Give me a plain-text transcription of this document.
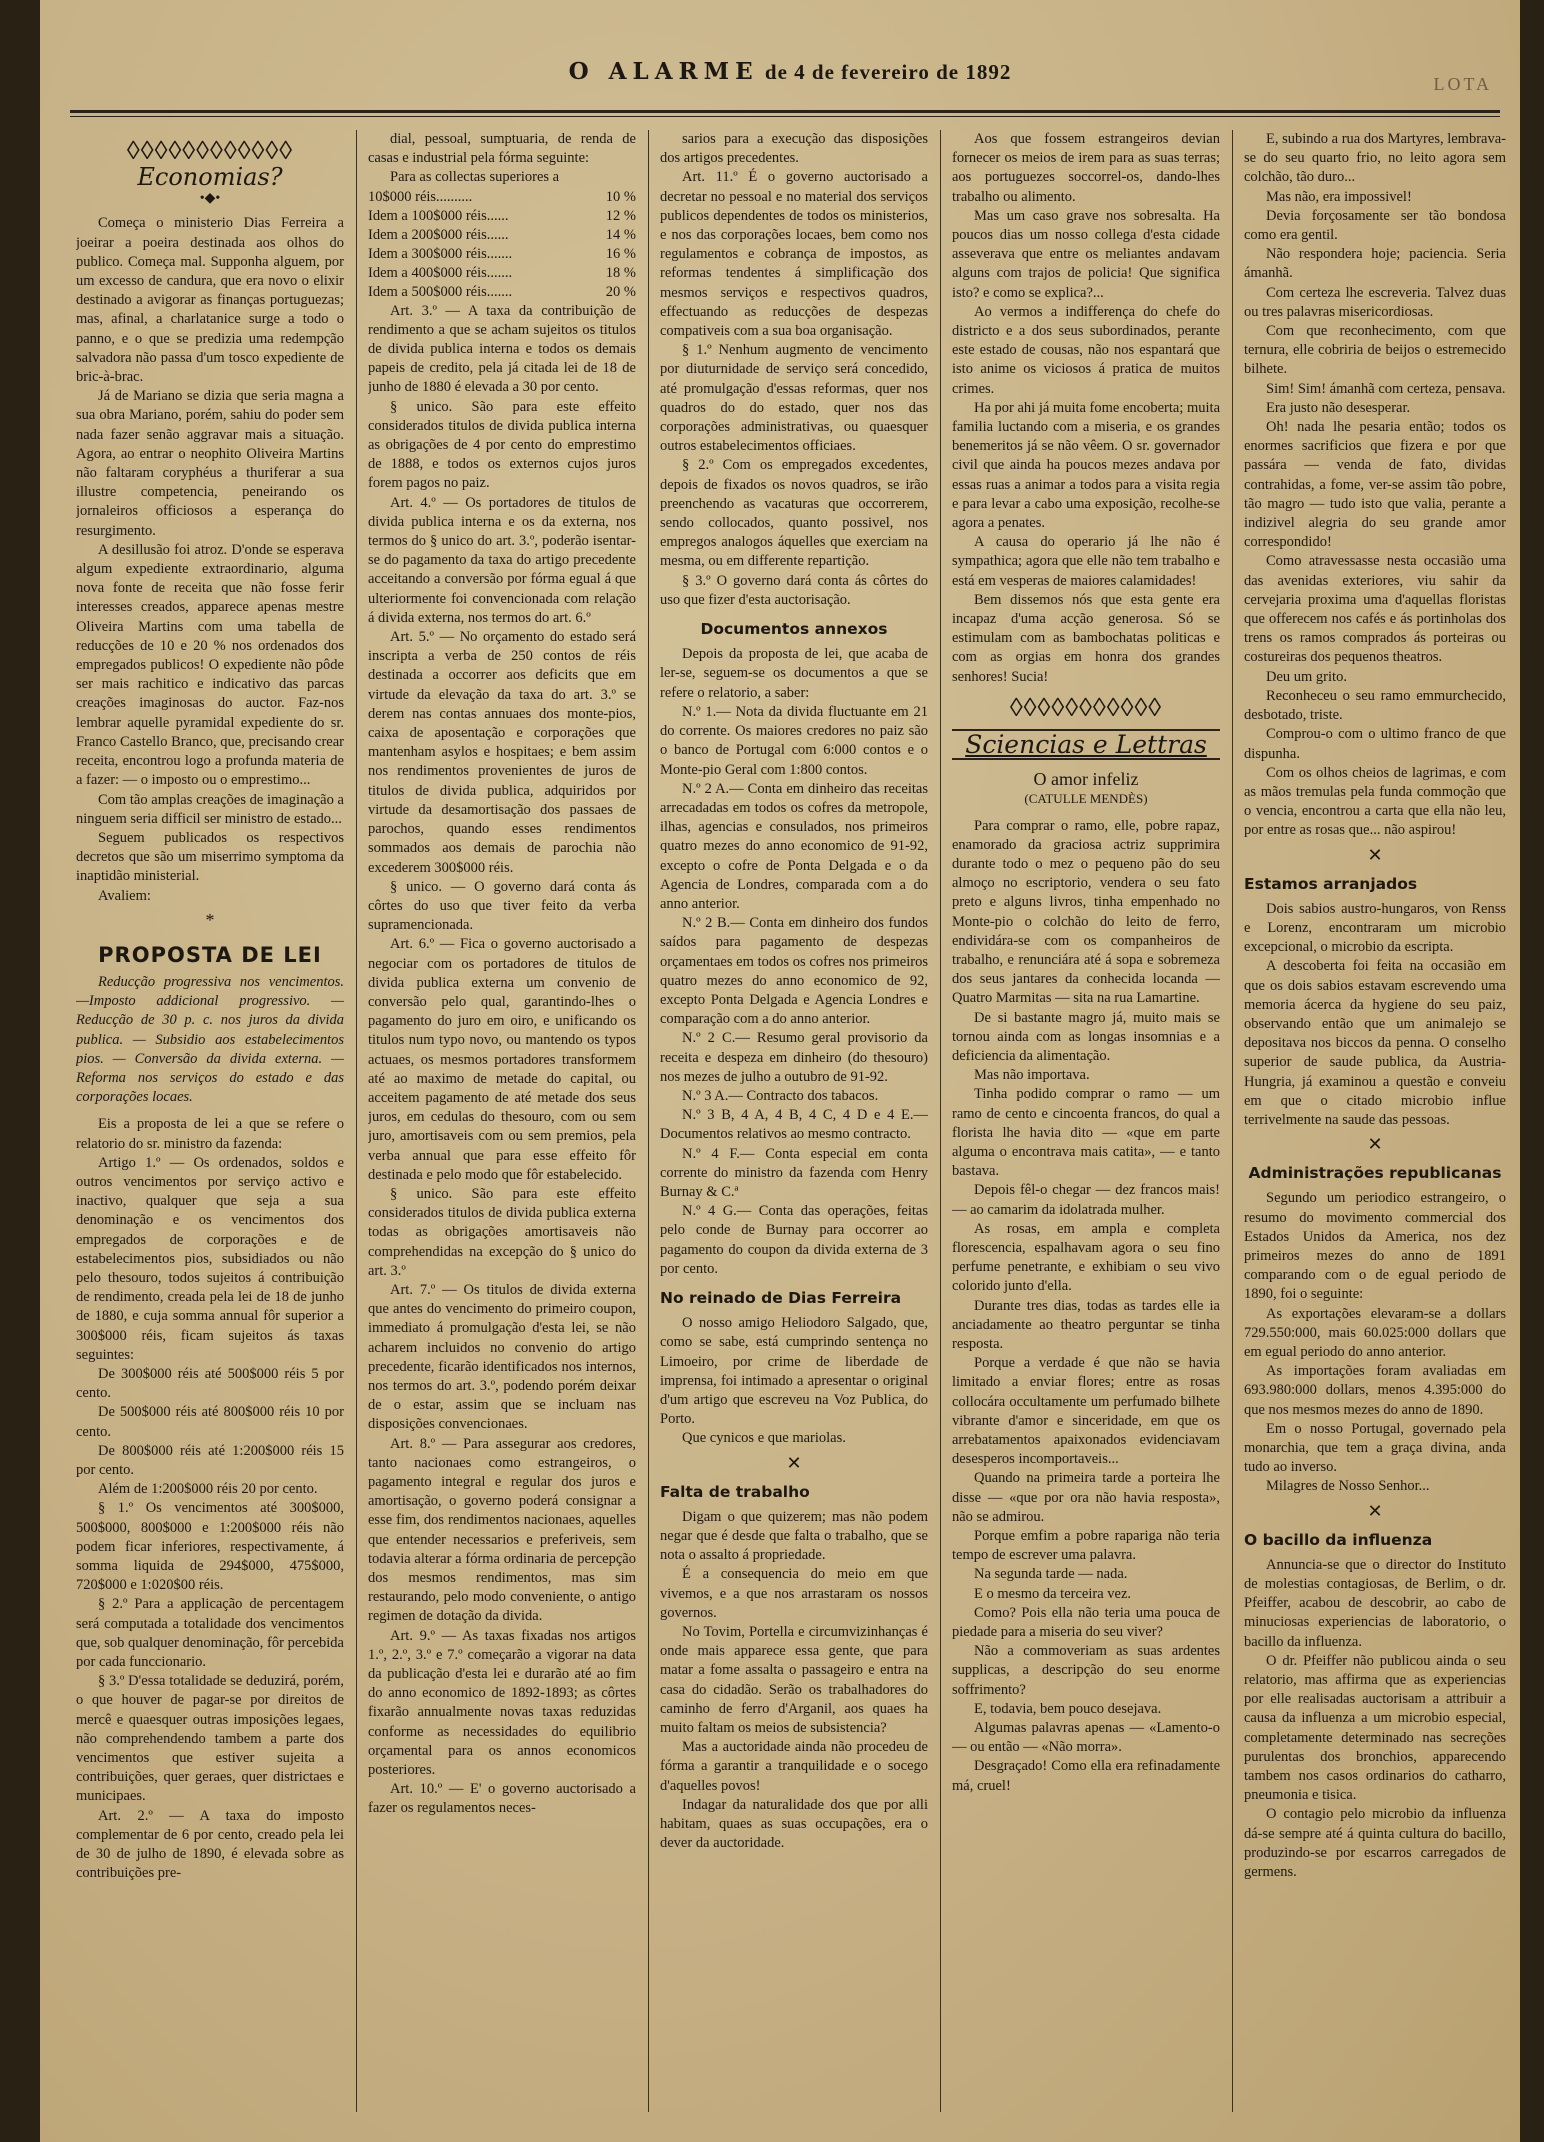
O ALARME de 4 de fevereiro de 1892	LOTA
◊◊◊◊◊◊◊◊◊◊◊◊
Economias?
•◆•

Começa o ministerio Dias Ferreira a joeirar a poeira destinada aos olhos do publico. Começa mal. Supponha alguem, por um excesso de candura, que era novo o elixir destinado a avigorar as finanças portuguezas; mas, afinal, a charlatanice surge a todo o panno, e o que se predizia uma redempção salvadora não passa d'um tosco expediente de bric-à-brac.

Já de Mariano se dizia que seria magna a sua obra Mariano, porém, sahiu do poder sem nada fazer senão aggravar mais a situação. Agora, ao entrar o neophito Oliveira Martins não faltaram coryphéus a thuriferar a sua illustre competencia, peneirando os jornaleiros officiosos a esperança do resurgimento.

A desillusão foi atroz. D'onde se esperava algum expediente extraordinario, alguma nova fonte de receita que não fosse ferir interesses creados, apparece apenas mestre Oliveira Martins com uma tabella de reducções de 10 e 20 % nos ordenados dos empregados publicos! O expediente não pôde ser mais rachitico e indicativo das parcas creações imaginosas do auctor. Faz-nos lembrar aquelle pyramidal expediente do sr. Franco Castello Branco, que, precisando crear receita, encontrou logo a profunda materia de a fazer: — o imposto ou o emprestimo...

Com tão amplas creações de imaginação a ninguem seria difficil ser ministro de estado...

Seguem publicados os respectivos decretos que são um miserrimo symptoma da inaptidão ministerial.

Avaliem:

*
PROPOSTA DE LEI

Reducção progressiva nos vencimentos. —Imposto addicional progressivo. — Reducção de 30 p. c. nos juros da divida publica. — Subsidio aos estabelecimentos pios. — Conversão da divida externa. — Reforma nos serviços do estado e das corporações locaes.

Eis a proposta de lei a que se refere o relatorio do sr. ministro da fazenda:

Artigo 1.º — Os ordenados, soldos e outros vencimentos por serviço activo e inactivo, qualquer que seja a sua denominação e os vencimentos dos empregados de corporações e de estabelecimentos pios, subsidiados ou não pelo thesouro, todos sujeitos á contribuição de rendimento, creada pela lei de 18 de junho de 1880, e cuja somma annual fôr superior a 300$000 réis, ficam sujeitos ás taxas seguintes:

De 300$000 réis até 500$000 réis 5 por cento.

De 500$000 réis até 800$000 réis 10 por cento.

De 800$000 réis até 1:200$000 réis 15 por cento.

Além de 1:200$000 réis 20 por cento.

§ 1.º Os vencimentos até 300$000, 500$000, 800$000 e 1:200$000 réis não podem ficar inferiores, respectivamente, á somma liquida de 294$000, 475$000, 720$000 e 1:020$00 réis.

§ 2.º Para a applicação de percentagem será computada a totalidade dos vencimentos que, sob qualquer denominação, fôr percebida por cada funccionario.

§ 3.º D'essa totalidade se deduzirá, porém, o que houver de pagar-se por direitos de mercê e quaesquer outras imposições legaes, não comprehendendo tambem a parte dos vencimentos que estiver sujeita a contribuições, quer geraes, quer districtaes e municipaes.

Art. 2.º — A taxa do imposto complementar de 6 por cento, creado pela lei de 30 de julho de 1890, é elevada sobre as contribuições pre-

dial, pessoal, sumptuaria, de renda de casas e industrial pela fórma seguinte:

Para as collectas superiores a

10$000 réis..........	10 %
Idem a 100$000 réis......	12 %
Idem a 200$000 réis......	14 %
Idem a 300$000 réis.......	16 %
Idem a 400$000 réis.......	18 %
Idem a 500$000 réis.......	20 %

Art. 3.º — A taxa da contribuição de rendimento a que se acham sujeitos os titulos de divida publica interna e todos os demais papeis de credito, pela já citada lei de 18 de junho de 1880 é elevada a 30 por cento.

§ unico. São para este effeito considerados titulos de divida publica interna as obrigações de 4 por cento do emprestimo de 1888, e todos os externos cujos juros forem pagos no paiz.

Art. 4.º — Os portadores de titulos de divida publica interna e os da externa, nos termos do § unico do art. 3.º, poderão isentar-se do pagamento da taxa do artigo precedente acceitando a conversão por fórma egual á que ulteriormente foi convencionada com relação á divida externa, nos termos do art. 6.º

Art. 5.º — No orçamento do estado será inscripta a verba de 250 contos de réis destinada a occorrer aos deficits que em virtude da elevação da taxa do art. 3.º se derem nas contas annuaes dos monte-pios, caixa de aposentação e corporações que mantenham asylos e hospitaes; e bem assim nos rendimentos provenientes de juros de titulos de divida publica, adquiridos por virtude da desamortisação dos passaes de parochos, quando esses rendimentos sommados aos demais de parochia não excederem 300$000 réis.

§ unico. — O governo dará conta ás côrtes do uso que tiver feito da verba supramencionada.

Art. 6.º — Fica o governo auctorisado a negociar com os portadores de titulos de divida publica externa um convenio de conversão pelo qual, garantindo-lhes o pagamento do juro em oiro, e unificando os titulos num typo novo, ou mantendo os typos actuaes, os mesmos portadores transformem até ao maximo de metade do capital, ou acceitem pagamento de até metade dos seus juros, em cedulas do thesouro, com ou sem juro, amortisaveis com ou sem premios, pela verba annual que para esse effeito fôr destinada e pelo modo que fôr estabelecido.

§ unico. São para este effeito considerados titulos de divida publica externa todas as obrigações amortisaveis não comprehendidas na excepção do § unico do art. 3.º

Art. 7.º — Os titulos de divida externa que antes do vencimento do primeiro coupon, immediato á promulgação d'esta lei, se não acharem incluidos no convenio do artigo precedente, ficarão identificados nos internos, nos termos do art. 3.º, podendo porém deixar de o estar, assim que se incluam nas disposições convencionaes.

Art. 8.º — Para assegurar aos credores, tanto nacionaes como estrangeiros, o pagamento integral e regular dos juros e amortisação, o governo poderá consignar a esse fim, dos rendimentos nacionaes, aquelles que entender necessarios e preferiveis, sem todavia alterar a fórma ordinaria de percepção dos mesmos rendimentos, mas sim restaurando, pelo modo conveniente, o antigo regimen de dotação da divida.

Art. 9.º — As taxas fixadas nos artigos 1.º, 2.º, 3.º e 7.º começarão a vigorar na data da publicação d'esta lei e durarão até ao fim do anno economico de 1892-1893; as côrtes fixarão annualmente novas taxas reduzidas conforme as necessidades do equilibrio orçamental para os annos economicos posteriores.

Art. 10.º — E' o governo auctorisado a fazer os regulamentos neces-

sarios para a execução das disposições dos artigos precedentes.

Art. 11.º É o governo auctorisado a decretar no pessoal e no material dos serviços publicos dependentes de todos os ministerios, e nos das corporações locaes, bem como nos regulamentos e cobrança de impostos, as reformas tendentes á simplificação dos mesmos serviços e respectivos quadros, effectuando as reducções de despezas compativeis com a sua boa organisação.

§ 1.º Nenhum augmento de vencimento por diuturnidade de serviço será concedido, até promulgação d'essas reformas, quer nos quadros do do estado, quer nos das corporações administrativas, ou quaesquer outros estabelecimentos officiaes.

§ 2.º Com os empregados excedentes, depois de fixados os novos quadros, se irão preenchendo as vacaturas que occorrerem, sendo collocados, quanto possivel, nos empregos analogos áquelles que exerciam na mesma, ou em differente repartição.

§ 3.º O governo dará conta ás côrtes do uso que fizer d'esta auctorisação.

Documentos annexos

Depois da proposta de lei, que acaba de ler-se, seguem-se os documentos a que se refere o relatorio, a saber:

N.º 1.— Nota da divida fluctuante em 21 do corrente. Os maiores credores no paiz são o banco de Portugal com 6:000 contos e o Monte-pio Geral com 1:800 contos.

N.º 2 A.— Conta em dinheiro das receitas arrecadadas em todos os cofres da metropole, ilhas, agencias e consulados, nos primeiros quatro mezes do anno economico de 91-92, excepto o cofre de Ponta Delgada e o da Agencia de Londres, comparada com a do anno anterior.

N.º 2 B.— Conta em dinheiro dos fundos saídos para pagamento de despezas orçamentaes em todos os cofres nos primeiros quatro mezes do anno economico de 92, excepto Ponta Delgada e Agencia Londres e comparação com a do anno anterior.

N.º 2 C.— Resumo geral provisorio da receita e despeza em dinheiro (do thesouro) nos mezes de julho a outubro de 91-92.

N.º 3 A.— Contracto dos tabacos.

N.º 3 B, 4 A, 4 B, 4 C, 4 D e 4 E.— Documentos relativos ao mesmo contracto.

N.º 4 F.— Conta especial em conta corrente do ministro da fazenda com Henry Burnay & C.ª

N.º 4 G.— Conta das operações, feitas pelo conde de Burnay para occorrer ao pagamento do coupon da divida externa de 3 por cento.

No reinado de Dias Ferreira

O nosso amigo Heliodoro Salgado, que, como se sabe, está cumprindo sentença no Limoeiro, por crime de liberdade de imprensa, foi intimado a apresentar o original d'um artigo que escreveu na Voz Publica, do Porto.

Que cynicos e que mariolas.

✕
Falta de trabalho

Digam o que quizerem; mas não podem negar que é desde que falta o trabalho, que se nota o assalto á propriedade.

É a consequencia do meio em que vivemos, e a que nos arrastaram os nossos governos.

No Tovim, Portella e circumvizinhanças é onde mais apparece essa gente, que para matar a fome assalta o passageiro e entra na casa do cidadão. Serão os trabalhadores do caminho de ferro d'Arganil, aos quaes ha muito faltam os meios de subsistencia?

Mas a auctoridade ainda não procedeu de fórma a garantir a tranquilidade e o socego d'aquelles povos!

Indagar da naturalidade dos que por alli habitam, quaes as suas occupações, era o dever da auctoridade.

Aos que fossem estrangeiros devian fornecer os meios de irem para as suas terras; aos portuguezes soccorrel-os, dando-lhes trabalho ou alimento.

Mas um caso grave nos sobresalta. Ha poucos dias um nosso collega d'esta cidade asseverava que entre os meliantes andavam alguns com trajos de policia! Que significa isto? e como se explica?...

Ao vermos a indifferença do chefe do districto e a dos seus subordinados, perante este estado de cousas, não nos espantará que isto anime os viciosos á pratica de muitos crimes.

Ha por ahi já muita fome encoberta; muita familia luctando com a miseria, e os grandes benemeritos já se não vêem. O sr. governador civil que ainda ha poucos mezes andava por essas ruas a animar a todos para a visita regia e para levar a cabo uma exposição, recolhe-se agora a penates.

A causa do operario já lhe não é sympathica; agora que elle não tem trabalho e está em vesperas de maiores calamidades!

Bem dissemos nós que esta gente era incapaz d'uma acção generosa. Só se estimulam com as bambochatas politicas e com as orgias em honra dos grandes senhores! Sucia!

◊◊◊◊◊◊◊◊◊◊◊
Sciencias e Lettras
O amor infeliz
(CATULLE MENDÈS)

Para comprar o ramo, elle, pobre rapaz, enamorado da graciosa actriz supprimira durante todo o mez o pequeno pão do seu almoço no escriptorio, vendera o seu fato preto e alguns livros, tinha empenhado no Monte-pio o colchão do leito de ferro, endividára-se com os companheiros de trabalho, e renunciára até á sopa e sobremeza dos seus jantares da conhecida locanda — Quatro Marmitas — sita na rua Lamartine.

De si bastante magro já, muito mais se tornou ainda com as longas insomnias e a deficiencia da alimentação.

Mas não importava.

Tinha podido comprar o ramo — um ramo de cento e cincoenta francos, do qual a florista lhe havia dito — «que em parte alguma o encontrava mais catita», — e tanto bastava.

Depois fêl-o chegar — dez francos mais! — ao camarim da idolatrada mulher.

As rosas, em ampla e completa florescencia, espalhavam agora o seu fino perfume penetrante, e exhibiam o seu vivo colorido junto d'ella.

Durante tres dias, todas as tardes elle ia anciadamente ao theatro perguntar se tinha resposta.

Porque a verdade é que não se havia limitado a enviar flores; entre as rosas collocára occultamente um perfumado bilhete vibrante d'amor e sinceridade, em que os arrebatamentos apaixonados evidenciavam desesperos incomportaveis...

Quando na primeira tarde a porteira lhe disse — «que por ora não havia resposta», não se admirou.

Porque emfim a pobre rapariga não teria tempo de escrever uma palavra.

Na segunda tarde — nada.

E o mesmo da terceira vez.

Como? Pois ella não teria uma pouca de piedade para a miseria do seu viver?

Não a commoveriam as suas ardentes supplicas, a descripção do seu enorme soffrimento?

E, todavia, bem pouco desejava.

Algumas palavras apenas — «Lamento-o — ou então — «Não morra».

Desgraçado! Como ella era refinadamente má, cruel!

E, subindo a rua dos Martyres, lembrava-se do seu quarto frio, no leito agora sem colchão, tão duro...

Mas não, era impossivel!

Devia forçosamente ser tão bondosa como era gentil.

Não respondera hoje; paciencia. Seria ámanhã.

Com certeza lhe escreveria. Talvez duas ou tres palavras misericordiosas.

Com que reconhecimento, com que ternura, elle cobriria de beijos o estremecido bilhete.

Sim! Sim! ámanhã com certeza, pensava.

Era justo não desesperar.

Oh! nada lhe pesaria então; todos os enormes sacrificios que fizera e por que passára — venda de fato, dividas contrahidas, a fome, ver-se assim tão pobre, tão magro — tudo isto que valia, perante a indizivel alegria do seu grande amor correspondido!

Como atravessasse nesta occasião uma das avenidas exteriores, viu sahir da cervejaria proxima uma d'aquellas floristas que offerecem nos cafés e ás portinholas dos trens os ramos comprados ás porteiras ou costureiras dos pequenos theatros.

Deu um grito.

Reconheceu o seu ramo emmurchecido, desbotado, triste.

Comprou-o com o ultimo franco de que dispunha.

Com os olhos cheios de lagrimas, e com as mãos tremulas pela funda commoção que o vencia, encontrou a carta que ella não leu, por entre as rosas que... não aspirou!

✕
Estamos arranjados

Dois sabios austro-hungaros, von Renss e Lorenz, encontraram um microbio excepcional, o microbio da escripta.

A descoberta foi feita na occasião em que os dois sabios estavam escrevendo uma memoria ácerca da hygiene do seu paiz, observando então que um animalejo se depositava nos biccos da penna. O conselho superior de saude publica, da Austria-Hungria, já examinou a questão e conveiu em que o citado microbio influe terrivelmente na saude das pessoas.

✕
Administrações republicanas

Segundo um periodico estrangeiro, o resumo do movimento commercial dos Estados Unidos da America, nos dez primeiros mezes do anno de 1891 comparando com o de egual periodo de 1890, foi o seguinte:

As exportações elevaram-se a dollars 729.550:000, mais 60.025:000 dollars que em egual periodo do anno anterior.

As importações foram avaliadas em 693.980:000 dollars, menos 4.395:000 do que nos mesmos mezes do anno de 1890.

Em o nosso Portugal, governado pela monarchia, que tem a graça divina, anda tudo ao inverso.

Milagres de Nosso Senhor...

✕
O bacillo da influenza

Annuncia-se que o director do Instituto de molestias contagiosas, de Berlim, o dr. Pfeiffer, acabou de descobrir, ao cabo de minuciosas experiencias de laboratorio, o bacillo da influenza.

O dr. Pfeiffer não publicou ainda o seu relatorio, mas affirma que as experiencias por elle realisadas auctorisam a attribuir a causa da influenza a um microbio especial, completamente determinado nas secreções purulentas dos bronchios, apparecendo tambem nos casos ordinarios do catharro, pneumonia e tisica.

O contagio pelo microbio da influenza dá-se sempre até á quinta cultura do bacillo, produzindo-se por escarros carregados de germens.
